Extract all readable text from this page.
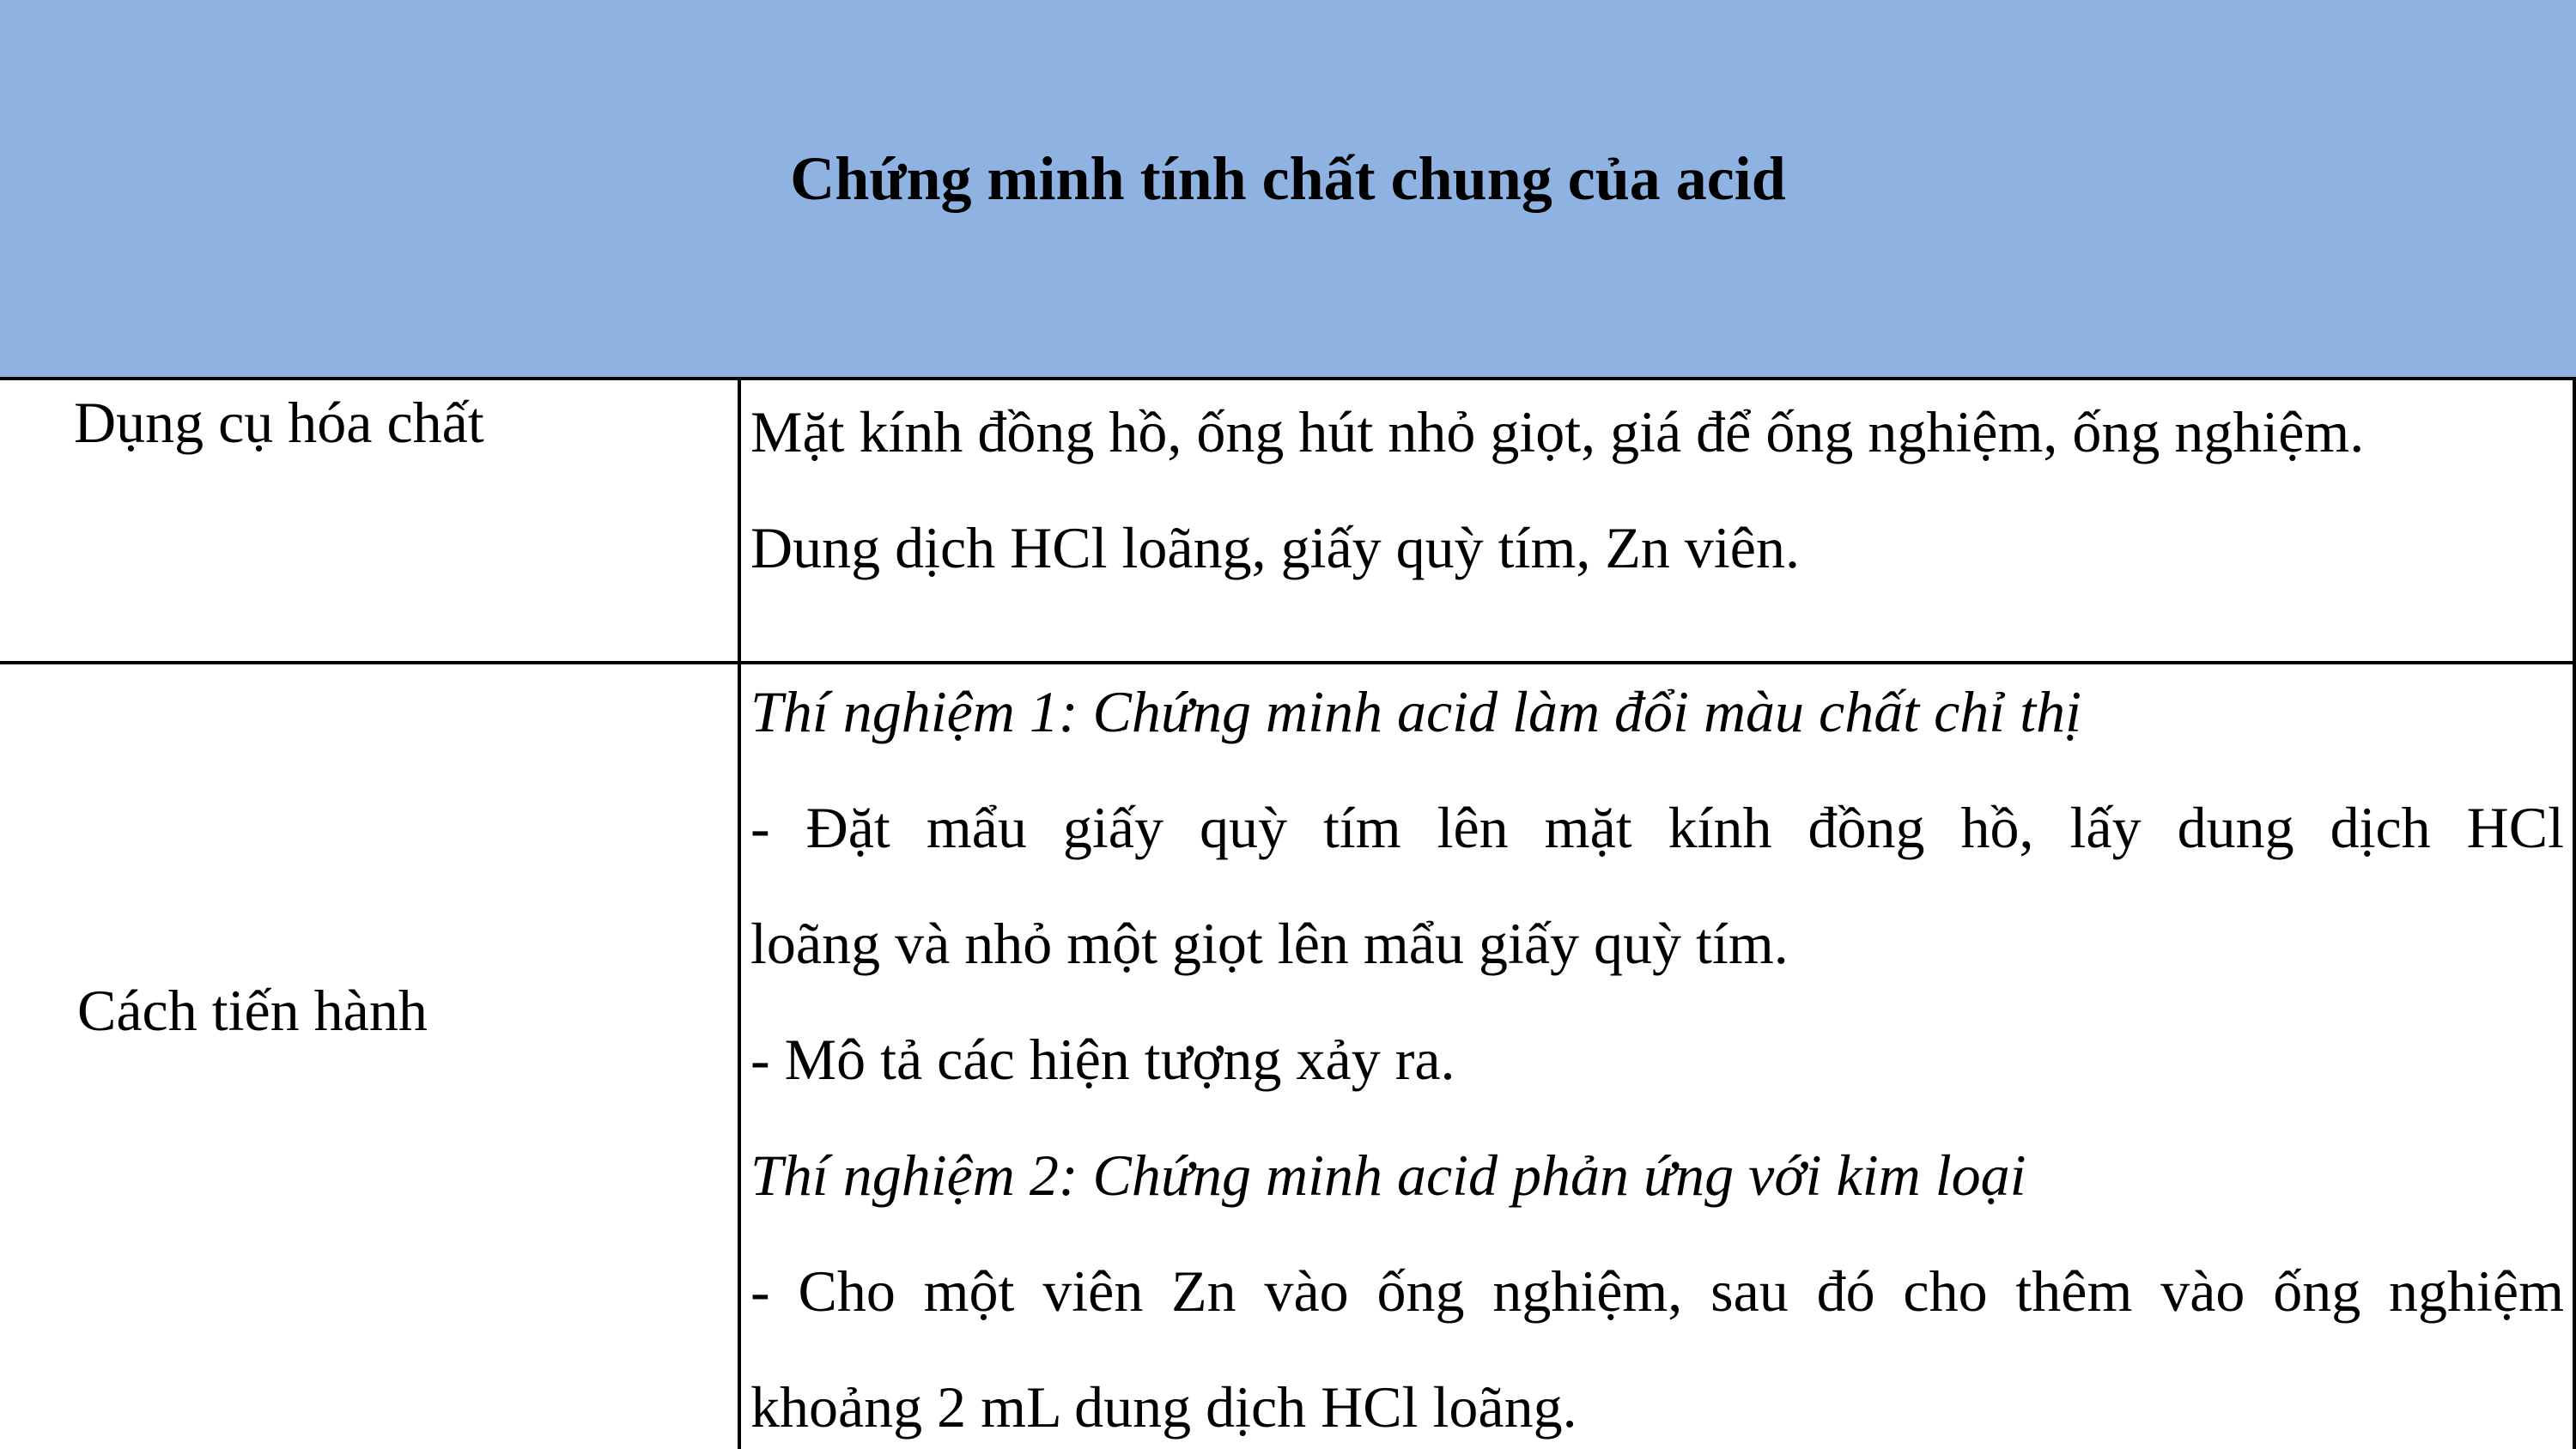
Chứng minh tính chất chung của acid
Dụng cụ hóa chất	Mặt kính đồng hồ, ống hút nhỏ giọt, giá để ống nghiệm, ống nghiệm.
Dung dịch HCl loãng, giấy quỳ tím, Zn viên.
Cách tiến hành
Thí nghiệm 1: Chứng minh acid làm đổi màu chất chỉ thị
- Đặt mẩu giấy quỳ tím lên mặt kính đồng hồ, lấy dung dịch HCl
loãng và nhỏ một giọt lên mẩu giấy quỳ tím.
- Mô tả các hiện tượng xảy ra.
Thí nghiệm 2: Chứng minh acid phản ứng với kim loại
- Cho một viên Zn vào ống nghiệm, sau đó cho thêm vào ống nghiệm
khoảng 2 mL dung dịch HCl loãng.
